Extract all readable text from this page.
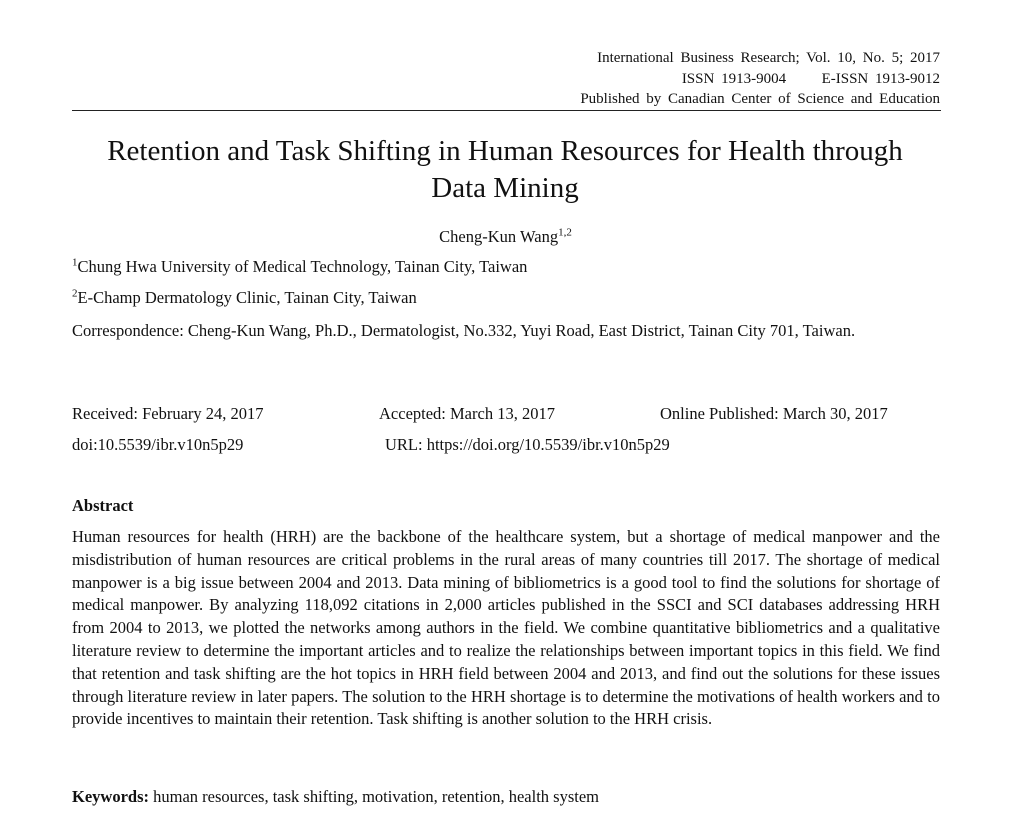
International Business Research; Vol. 10, No. 5; 2017
ISSN 1913-9004 E-ISSN 1913-9012
Published by Canadian Center of Science and Education
Retention and Task Shifting in Human Resources for Health through
Data Mining
Cheng-Kun Wang$^{1,2}$
$^1$Chung Hwa University of Medical Technology, Tainan City, Taiwan
$^2$E-Champ Dermatology Clinic, Tainan City, Taiwan
Correspondence: Cheng-Kun Wang, Ph.D., Dermatologist, No.332, Yuyi Road, East District, Tainan City 701, Taiwan.
Received: February 24, 2017	Accepted: March 13, 2017	Online Published: March 30, 2017
doi:10.5539/ibr.v10n5p29	URL: https://doi.org/10.5539/ibr.v10n5p29
Abstract
Human resources for health (HRH) are the backbone of the healthcare system, but a shortage of medical manpower and the misdistribution of human resources are critical problems in the rural areas of many countries till 2017. The shortage of medical manpower is a big issue between 2004 and 2013. Data mining of bibliometrics is a good tool to find the solutions for shortage of medical manpower. By analyzing 118,092 citations in 2,000 articles published in the SSCI and SCI databases addressing HRH from 2004 to 2013, we plotted the networks among authors in the field. We combine quantitative bibliometrics and a qualitative literature review to determine the important articles and to realize the relationships between important topics in this field. We find that retention and task shifting are the hot topics in HRH field between 2004 and 2013, and find out the solutions for these issues through literature review in later papers. The solution to the HRH shortage is to determine the motivations of health workers and to provide incentives to maintain their retention. Task shifting is another solution to the HRH crisis.
Keywords: human resources, task shifting, motivation, retention, health system
